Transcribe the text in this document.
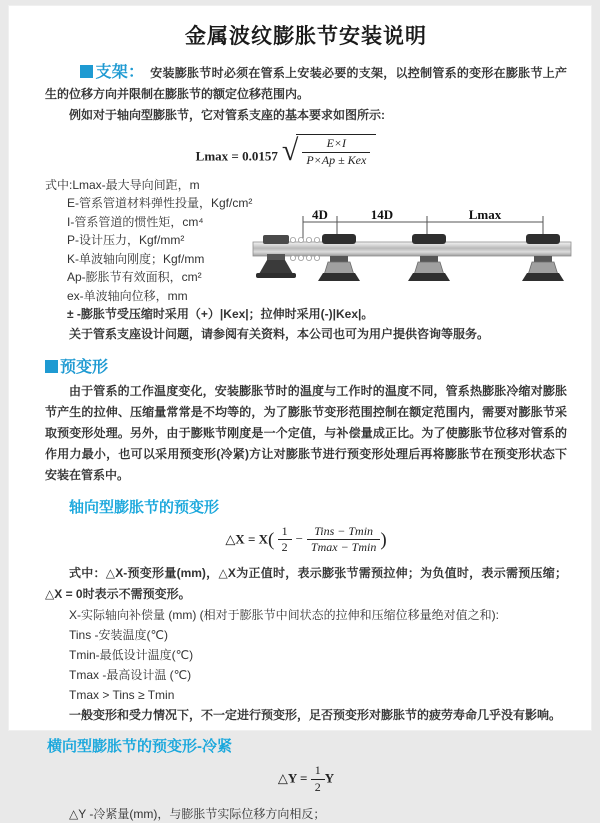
金属波纹膨胀节安装说明

支架： 安装膨胀节时必须在管系上安装必要的支架，以控制管系的变形在膨胀节上产生的位移方向并限制在膨胀节的额定位移范围内。

例如对于轴向型膨胀节，它对管系支座的基本要求如图所示:

Lmax = 0.0157 √ $\frac{E\times I}{\text{P×Ap ± Kex}}$
式中:Lmax-最大导向间距，m
E-管系管道材料弹性投量，Kgf/cm²
I-管系管道的惯性矩，cm⁴
P-设计压力，Kgf/mm²
K-单波轴向刚度；Kgf/mm
Ap-膨胀节有效面积，cm²
ex-单波轴向位移，mm
± -膨胀节受压缩时采用（+）|Kex|；拉伸时采用(-)|Kex|。
4D	14D	Lmax

关于管系支座设计问题，请参阅有关资料，本公司也可为用户提供咨询等服务。

预变形

由于管系的工作温度变化，安装膨胀节时的温度与工作时的温度不同，管系热膨胀冷缩对膨胀节产生的拉伸、压缩量常常是不均等的，为了膨胀节变形范围控制在额定范围内，需要对膨胀节采取预变形处理。另外，由于膨账节刚度是一个定值，与补偿量成正比。为了使膨胀节位移对管系的作用力最小，也可以采用预变形(冷紧)方让对膨胀节进行预变形处理后再将膨胀节在预变形状态下安装在管系中。

轴向型膨胀节的预变形
△X = $X( \frac{1}{2} - \frac{\text{Tins − Tmin}}{Tmax - Tmin}$ )

式中：△X-预变形量(mm)，△X为正值时，表示膨张节需预拉伸；为负值时，表示需预压缩；△X = 0时表示不需预变形。

X-实际轴向补偿量 (mm) (相对于膨胀节中间状态的拉伸和压缩位移量绝对值之和):
Tins -安装温度(℃)
Tmin-最低设计温度(℃)
Tmax -最高设计温 (℃)
Tmax > Tins ≥ Tmin

一般变形和受力情况下，不一定进行预变形，足否预变形对膨胀节的疲劳寿命几乎没有影响。

横向型膨胀节的预变形-冷紧
△Y = $\frac{1}{2}$ Y
△Y -冷紧量(mm)，与膨胀节实际位移方向相反；
